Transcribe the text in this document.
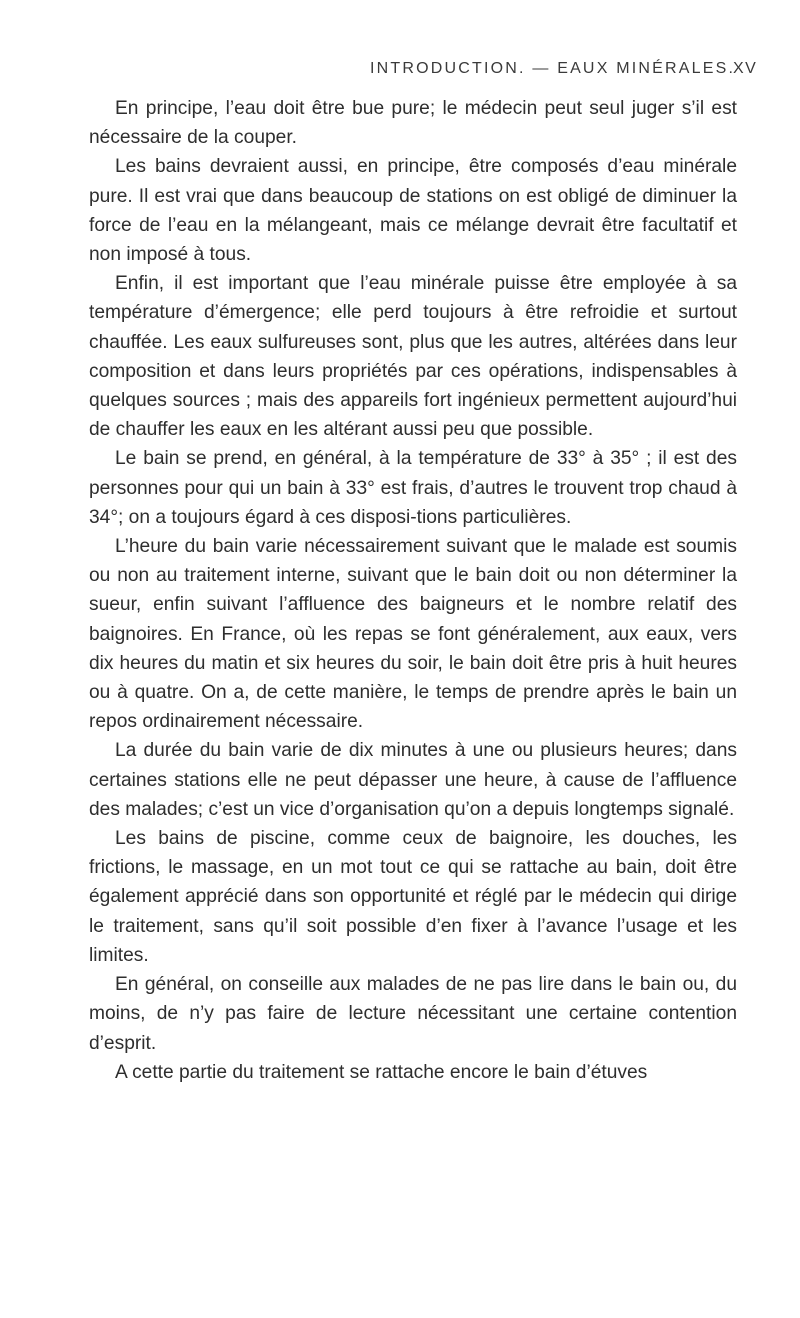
INTRODUCTION. — EAUX MINÉRALES.
XV

En principe, l’eau doit être bue pure; le médecin peut seul juger s’il est nécessaire de la couper.

Les bains devraient aussi, en principe, être composés d’eau minérale pure. Il est vrai que dans beaucoup de stations on est obligé de diminuer la force de l’eau en la mélangeant, mais ce mélange devrait être facultatif et non imposé à tous.

Enfin, il est important que l’eau minérale puisse être employée à sa température d’émergence; elle perd toujours à être refroidie et surtout chauffée. Les eaux sulfureuses sont, plus que les autres, altérées dans leur composition et dans leurs propriétés par ces opérations, indispensables à quelques sources ; mais des appareils fort ingénieux permettent aujourd’hui de chauffer les eaux en les altérant aussi peu que possible.

Le bain se prend, en général, à la température de 33° à 35° ; il est des personnes pour qui un bain à 33° est frais, d’autres le trouvent trop chaud à 34°; on a toujours égard à ces disposi-tions particulières.

L’heure du bain varie nécessairement suivant que le malade est soumis ou non au traitement interne, suivant que le bain doit ou non déterminer la sueur, enfin suivant l’affluence des baigneurs et le nombre relatif des baignoires. En France, où les repas se font généralement, aux eaux, vers dix heures du matin et six heures du soir, le bain doit être pris à huit heures ou à quatre. On a, de cette manière, le temps de prendre après le bain un repos ordinairement nécessaire.

La durée du bain varie de dix minutes à une ou plusieurs heures; dans certaines stations elle ne peut dépasser une heure, à cause de l’affluence des malades; c’est un vice d’organisation qu’on a depuis longtemps signalé.

Les bains de piscine, comme ceux de baignoire, les douches, les frictions, le massage, en un mot tout ce qui se rattache au bain, doit être également apprécié dans son opportunité et réglé par le médecin qui dirige le traitement, sans qu’il soit possible d’en fixer à l’avance l’usage et les limites.

En général, on conseille aux malades de ne pas lire dans le bain ou, du moins, de n’y pas faire de lecture nécessitant une certaine contention d’esprit.

A cette partie du traitement se rattache encore le bain d’étuves
